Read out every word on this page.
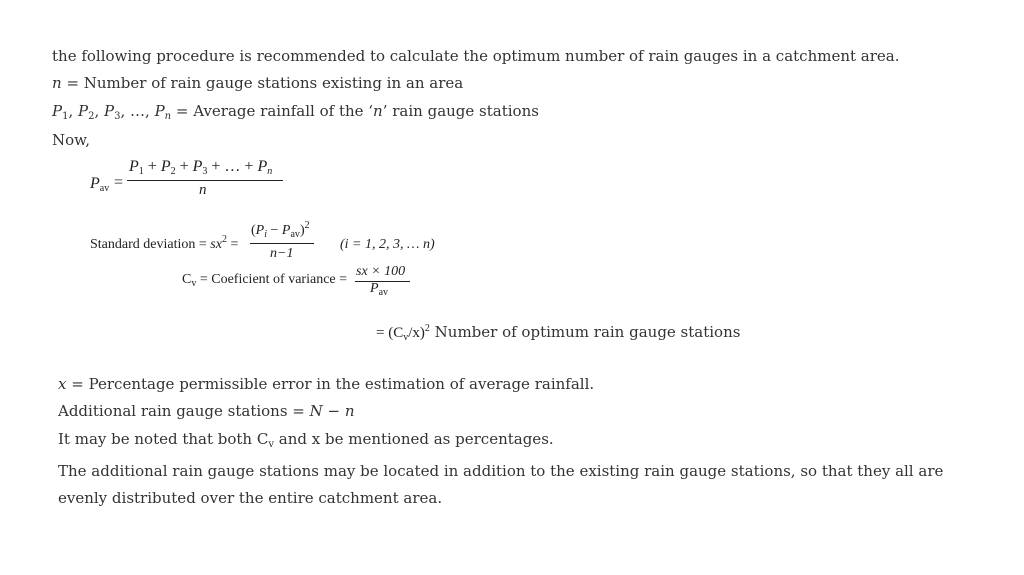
the following procedure is recommended to calculate the optimum number of rain gauges in a catchment area.
n = Number of rain gauge stations existing in an area
$P_1$, $P_2$, $P_3$, …, $P_n$ = Average rainfall of the ‘n’ rain gauge stations
Now,
$P_{av}$ =
$P_1 + P_2 + P_3$ + … + $P_n$
n
Standard deviation = $sx^2$ =
$(P_i - P_{av})^2$
n−1
(i = 1, 2, 3, … n)
$C_v$ = Coeficient of variance =
sx × 100
$P_{av}$
= $(C_v/x)^2$ Number of optimum rain gauge stations
x = Percentage permissible error in the estimation of average rainfall.
Additional rain gauge stations = N − n
It may be noted that both $C_v$ and x be mentioned as percentages.
The additional rain gauge stations may be located in addition to the existing rain gauge stations, so that they all are evenly distributed over the entire catchment area.
